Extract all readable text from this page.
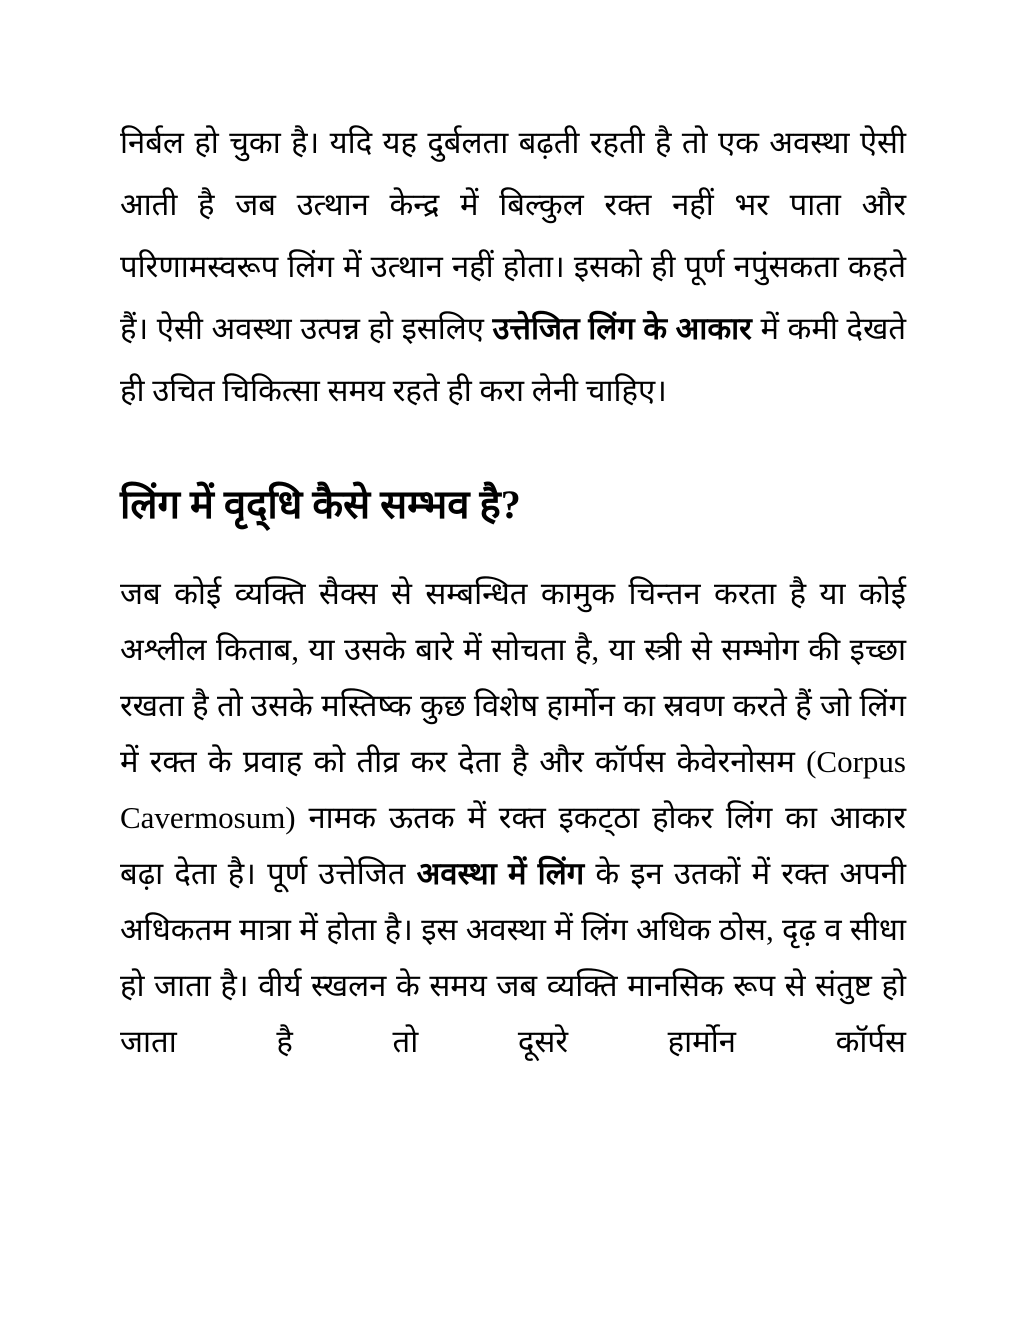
निर्बल हो चुका है। यदि यह दुर्बलता बढ़ती रहती है तो एक अवस्था ऐसी आती है जब उत्थान केन्द्र में बिल्कुल रक्त नहीं भर पाता और परिणामस्वरूप लिंग में उत्थान नहीं होता। इसको ही पूर्ण नपुंसकता कहते हैं। ऐसी अवस्था उत्पन्न हो इसलिए उत्तेजित लिंग के आकार में कमी देखते ही उचित चिकित्सा समय रहते ही करा लेनी चाहिए।

लिंग में वृद्‌धि कैसे सम्भव है?

जब कोई व्यक्ति सैक्स से सम्बन्धित कामुक चिन्तन करता है या कोई अश्लील किताब, या उसके बारे में सोचता है, या स्त्री से सम्भोग की इच्छा रखता है तो उसके मस्तिष्क कुछ विशेष हार्मोन का स्रवण करते हैं जो लिंग में रक्त के प्रवाह को तीव्र कर देता है और कॉर्पस केवेरनोसम (Corpus Cavermosum) नामक ऊतक में रक्त इकट्‌ठा होकर लिंग का आकार बढ़ा देता है। पूर्ण उत्तेजित अवस्था में लिंग के इन उतकों में रक्त अपनी अधिकतम मात्रा में होता है। इस अवस्था में लिंग अधिक ठोस, दृढ़ व सीधा हो जाता है। वीर्य स्खलन के समय जब व्यक्ति मानसिक रूप से संतुष्ट हो जाता है तो दूसरे हार्मोन कॉर्पस
